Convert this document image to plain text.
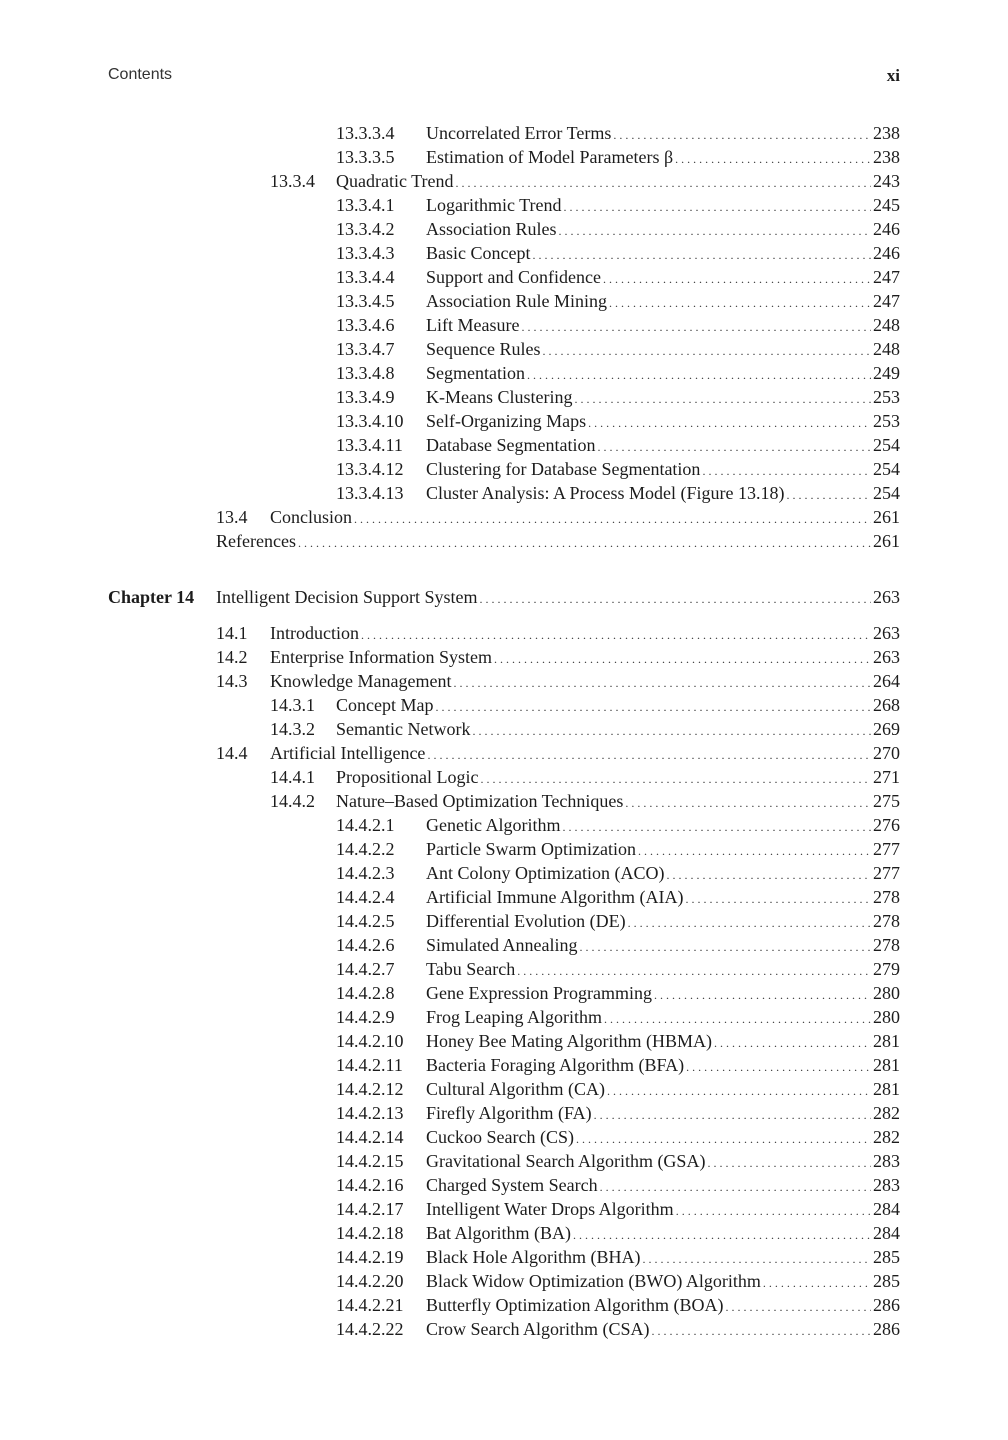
Contents	xi
13.3.3.4	Uncorrelated Error Terms . . .	238
13.3.3.5	Estimation of Model Parameters β . . .	238
13.3.4	Quadratic Trend . . .	243
13.3.4.1	Logarithmic Trend . . .	245
13.3.4.2	Association Rules . . .	246
13.3.4.3	Basic Concept . . .	246
13.3.4.4	Support and Confidence . . .	247
13.3.4.5	Association Rule Mining . . .	247
13.3.4.6	Lift Measure . . .	248
13.3.4.7	Sequence Rules . . .	248
13.3.4.8	Segmentation . . .	249
13.3.4.9	K-Means Clustering . . .	253
13.3.4.10	Self-Organizing Maps . . .	253
13.3.4.11	Database Segmentation . . .	254
13.3.4.12	Clustering for Database Segmentation . . .	254
13.3.4.13	Cluster Analysis: A Process Model (Figure 13.18) . . .	254
13.4	Conclusion . . .	261
References . . .	261
Chapter 14	Intelligent Decision Support System . . .	263
14.1	Introduction . . .	263
14.2	Enterprise Information System . . .	263
14.3	Knowledge Management . . .	264
14.3.1	Concept Map . . .	268
14.3.2	Semantic Network . . .	269
14.4	Artificial Intelligence . . .	270
14.4.1	Propositional Logic . . .	271
14.4.2	Nature–Based Optimization Techniques . . .	275
14.4.2.1	Genetic Algorithm . . .	276
14.4.2.2	Particle Swarm Optimization . . .	277
14.4.2.3	Ant Colony Optimization (ACO) . . .	277
14.4.2.4	Artificial Immune Algorithm (AIA) . . .	278
14.4.2.5	Differential Evolution (DE) . . .	278
14.4.2.6	Simulated Annealing . . .	278
14.4.2.7	Tabu Search . . .	279
14.4.2.8	Gene Expression Programming . . .	280
14.4.2.9	Frog Leaping Algorithm . . .	280
14.4.2.10	Honey Bee Mating Algorithm (HBMA) . . .	281
14.4.2.11	Bacteria Foraging Algorithm (BFA) . . .	281
14.4.2.12	Cultural Algorithm (CA) . . .	281
14.4.2.13	Firefly Algorithm (FA) . . .	282
14.4.2.14	Cuckoo Search (CS) . . .	282
14.4.2.15	Gravitational Search Algorithm (GSA) . . .	283
14.4.2.16	Charged System Search . . .	283
14.4.2.17	Intelligent Water Drops Algorithm . . .	284
14.4.2.18	Bat Algorithm (BA) . . .	284
14.4.2.19	Black Hole Algorithm (BHA) . . .	285
14.4.2.20	Black Widow Optimization (BWO) Algorithm . . .	285
14.4.2.21	Butterfly Optimization Algorithm (BOA) . . .	286
14.4.2.22	Crow Search Algorithm (CSA) . . .	286
